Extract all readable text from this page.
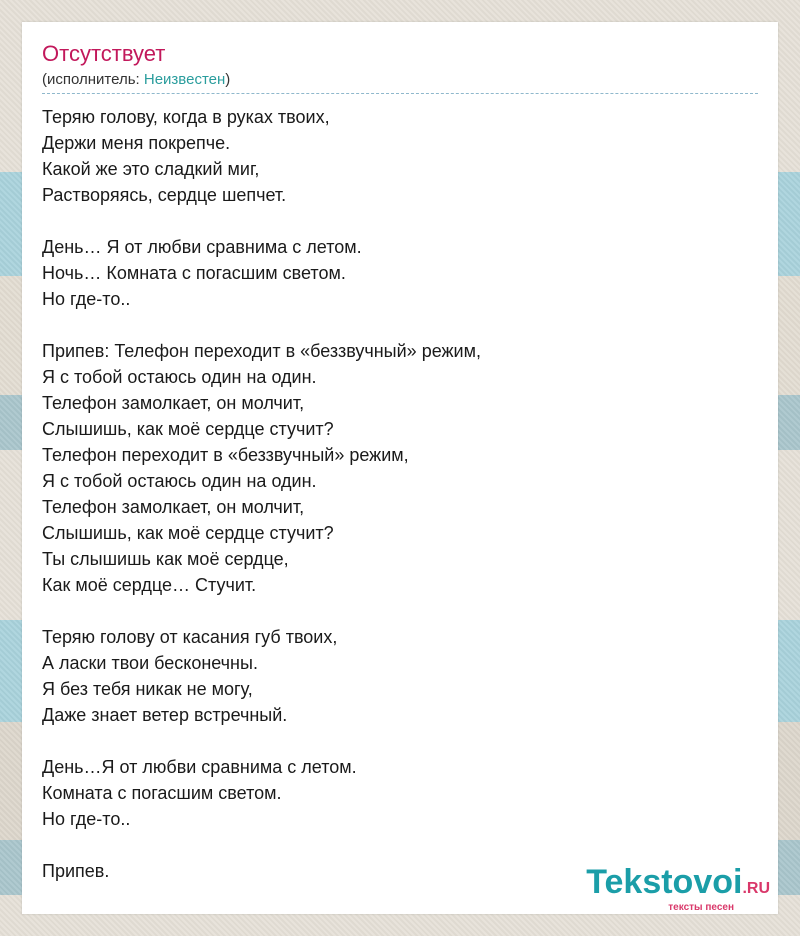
Отсутствует
(исполнитель: Неизвестен)
Теряю голову, когда в руках твоих,
Держи меня покрепче.
Какой же это сладкий миг,
Растворяясь, сердце шепчет.
День… Я от любви сравнима с летом.
Ночь… Комната с погасшим светом.
Но где-то..
Припев: Телефон переходит в «беззвучный» режим,
Я с тобой остаюсь один на один.
Телефон замолкает, он молчит,
Слышишь, как моё сердце стучит?
Телефон переходит в «беззвучный» режим,
Я с тобой остаюсь один на один.
Телефон замолкает, он молчит,
Слышишь, как моё сердце стучит?
Ты слышишь как моё сердце,
Как моё сердце… Стучит.
Теряю голову от касания губ твоих,
А ласки твои бесконечны.
Я без тебя никак не могу,
Даже знает ветер встречный.
День…Я от любви сравнима с летом.
Комната с погасшим светом.
Но где-то..
Припев.	Tekstovoi.RU
тексты песен
